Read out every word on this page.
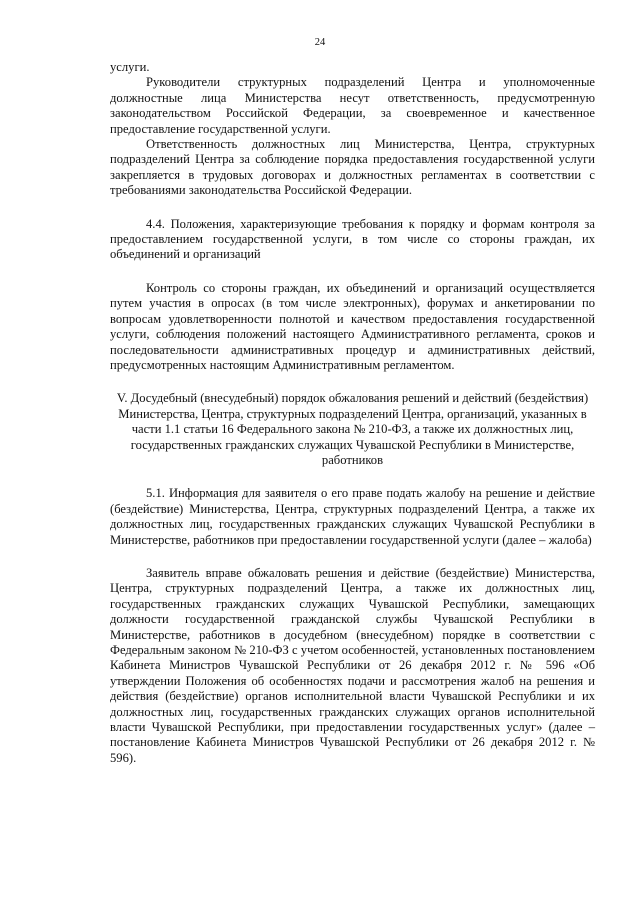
24

услуги.

Руководители структурных подразделений Центра и уполномоченные должностные лица Министерства несут ответственность, предусмотренную законодательством Российской Федерации, за своевременное и качественное предоставление государственной услуги.

Ответственность должностных лиц Министерства, Центра, структурных подразделений Центра за соблюдение порядка предоставления государственной услуги закрепляется в трудовых договорах и должностных регламентах в соответствии с требованиями законодательства Российской Федерации.

4.4. Положения, характеризующие требования к порядку и формам контроля за предоставлением государственной услуги, в том числе со стороны граждан, их объединений и организаций

Контроль со стороны граждан, их объединений и организаций осуществляется путем участия в опросах (в том числе электронных), форумах и анкетировании по вопросам удовлетворенности полнотой и качеством предоставления государственной услуги, соблюдения положений настоящего Административного регламента, сроков и последовательности административных процедур и административных действий, предусмотренных настоящим Административным регламентом.

V. Досудебный (внесудебный) порядок обжалования решений и действий (бездействия) Министерства, Центра, структурных подразделений Центра, организаций, указанных в части 1.1 статьи 16 Федерального закона № 210-ФЗ, а также их должностных лиц, государственных гражданских служащих Чувашской Республики в Министерстве, работников

5.1. Информация для заявителя о его праве подать жалобу на решение и действие (бездействие) Министерства, Центра, структурных подразделений Центра, а также их должностных лиц, государственных гражданских служащих Чувашской Республики в Министерстве, работников при предоставлении государственной услуги (далее – жалоба)

Заявитель вправе обжаловать решения и действие (бездействие) Министерства, Центра, структурных подразделений Центра, а также их должностных лиц, государственных гражданских служащих Чувашской Республики, замещающих должности государственной гражданской службы Чувашской Республики в Министерстве, работников в досудебном (внесудебном) порядке в соответствии с Федеральным законом № 210-ФЗ с учетом особенностей, установленных постановлением Кабинета Министров Чувашской Республики от 26 декабря 2012 г. № 596 «Об утверждении Положения об особенностях подачи и рассмотрения жалоб на решения и действия (бездействие) органов исполнительной власти Чувашской Республики и их должностных лиц, государственных гражданских служащих органов исполнительной власти Чувашской Республики, при предоставлении государственных услуг» (далее – постановление Кабинета Министров Чувашской Республики от 26 декабря 2012 г. № 596).
